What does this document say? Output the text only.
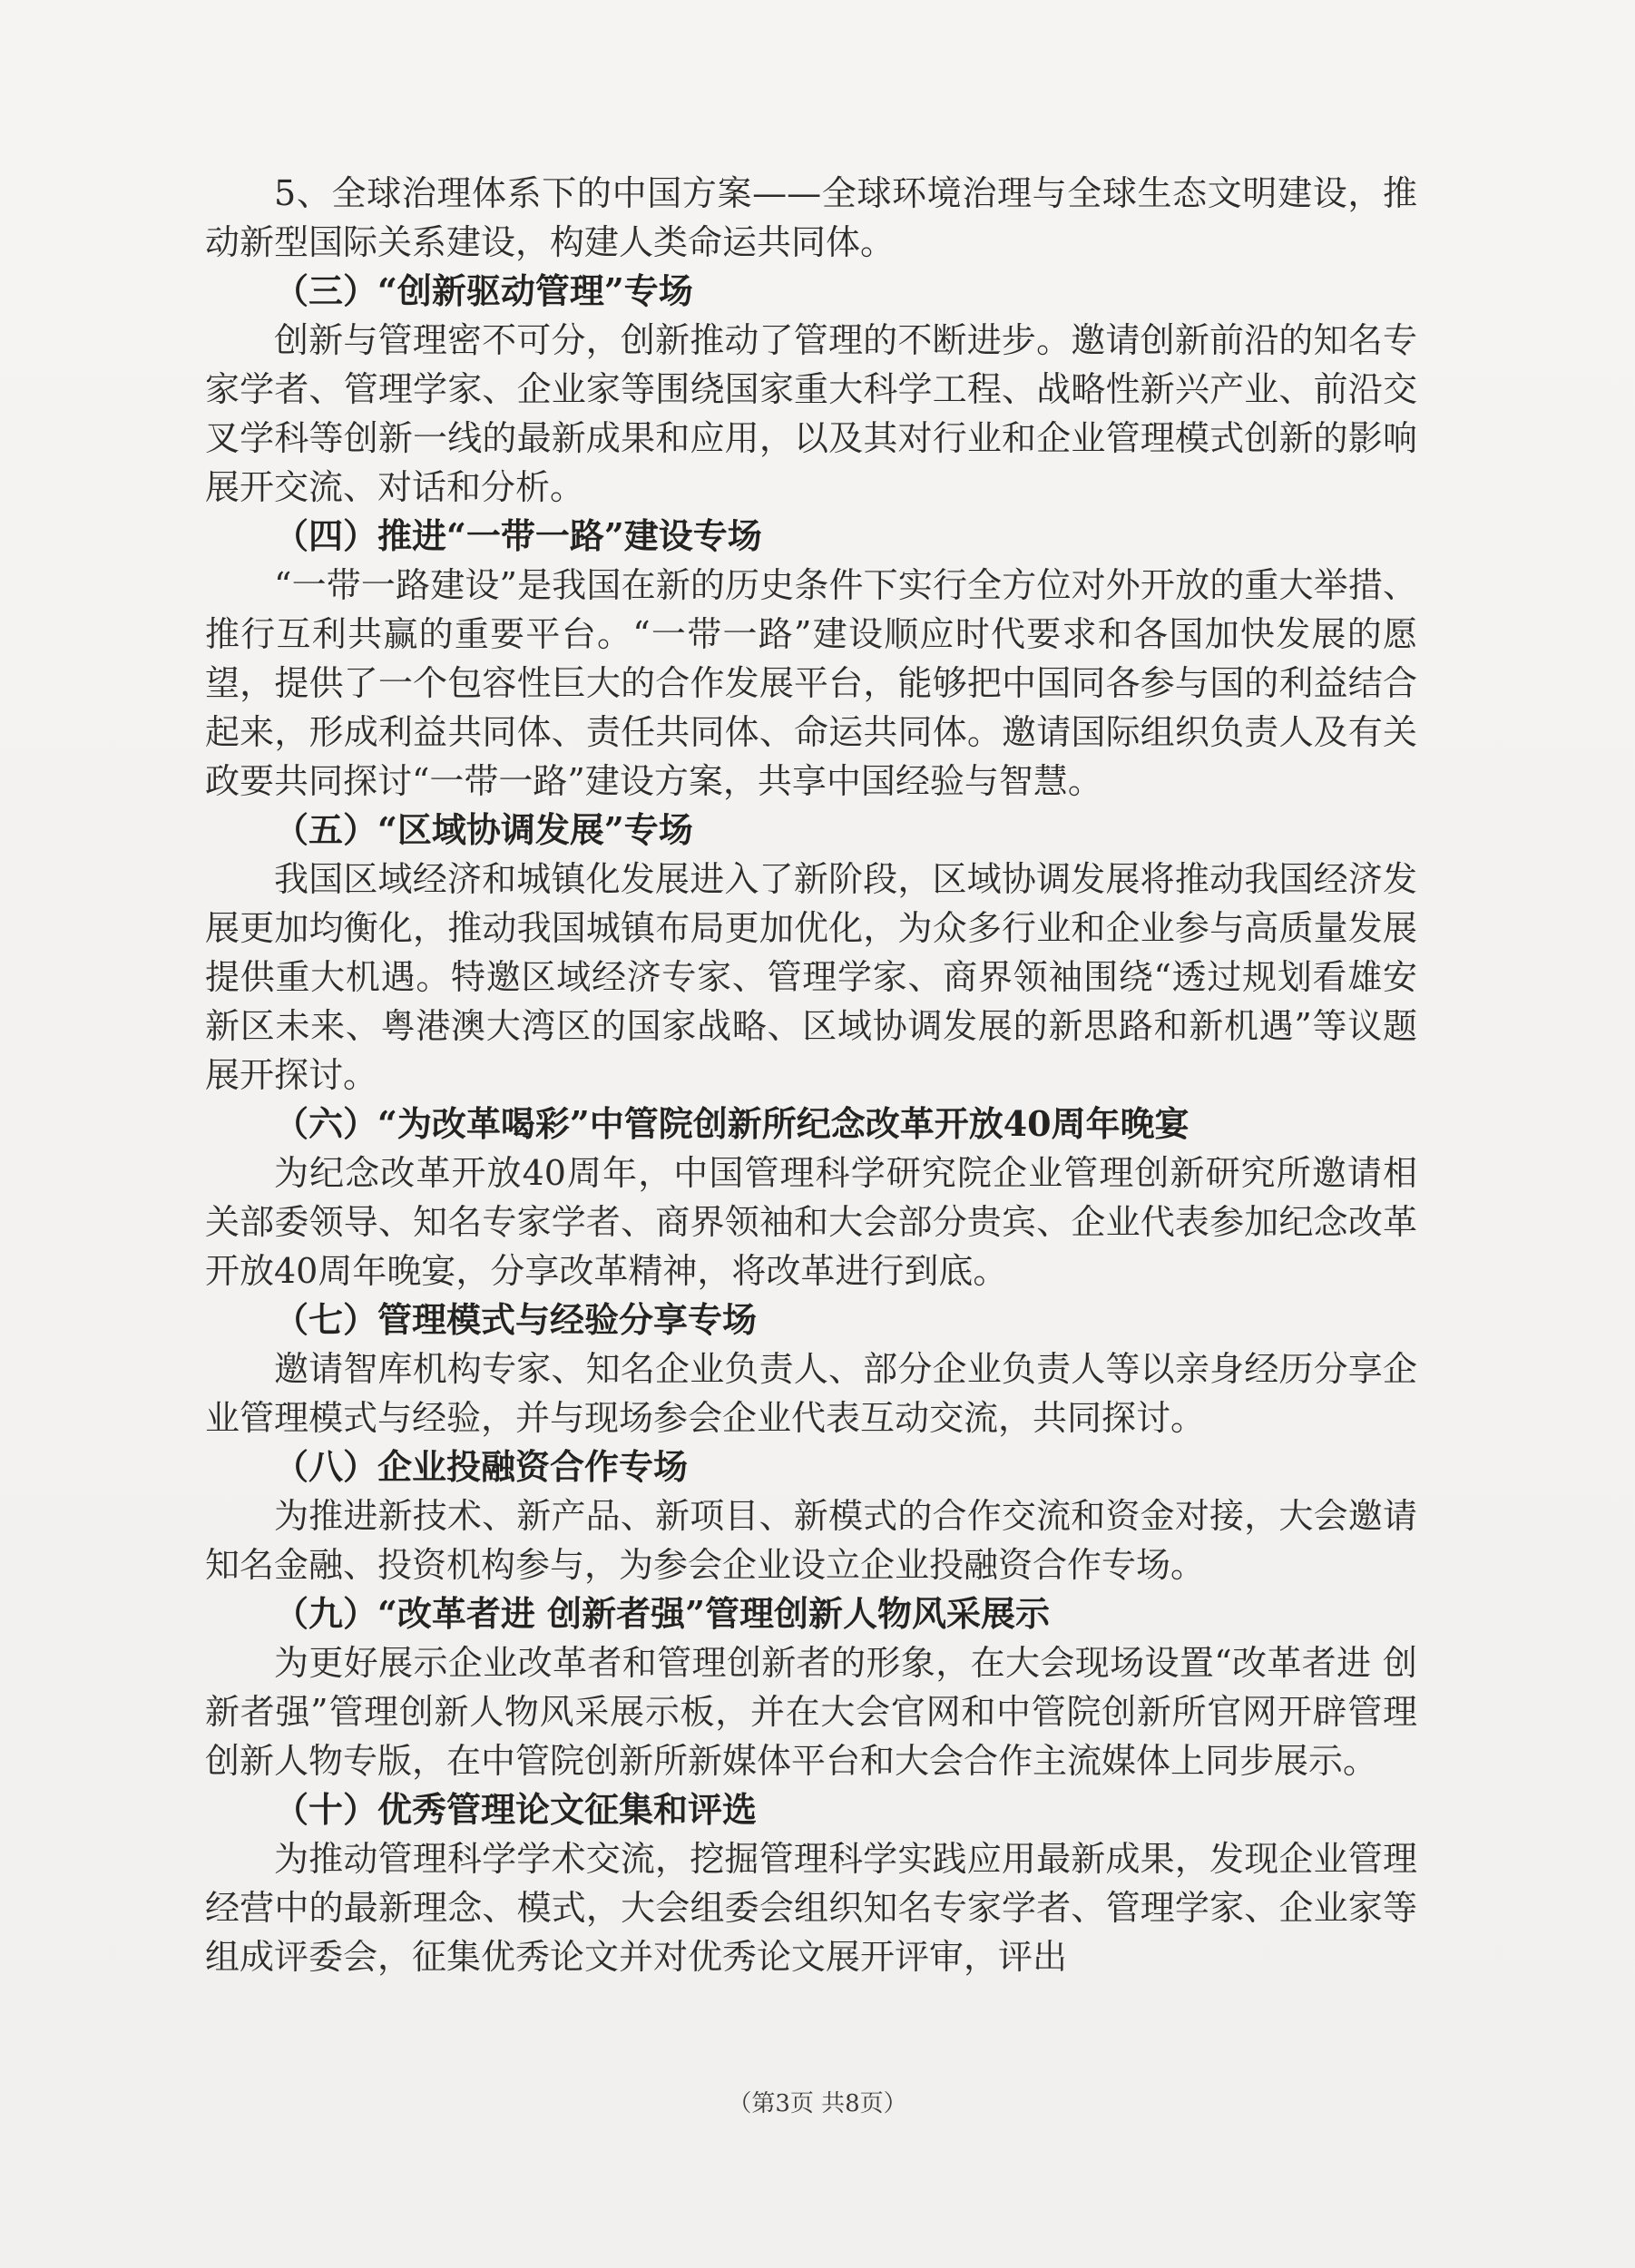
5、全球治理体系下的中国方案——全球环境治理与全球生态文明建设，推动新型国际关系建设，构建人类命运共同体。

（三）“创新驱动管理”专场

创新与管理密不可分，创新推动了管理的不断进步。邀请创新前沿的知名专家学者、管理学家、企业家等围绕国家重大科学工程、战略性新兴产业、前沿交叉学科等创新一线的最新成果和应用，以及其对行业和企业管理模式创新的影响展开交流、对话和分析。

（四）推进“一带一路”建设专场

“一带一路建设”是我国在新的历史条件下实行全方位对外开放的重大举措、推行互利共赢的重要平台。“一带一路”建设顺应时代要求和各国加快发展的愿望，提供了一个包容性巨大的合作发展平台，能够把中国同各参与国的利益结合起来，形成利益共同体、责任共同体、命运共同体。邀请国际组织负责人及有关政要共同探讨“一带一路”建设方案，共享中国经验与智慧。

（五）“区域协调发展”专场

我国区域经济和城镇化发展进入了新阶段，区域协调发展将推动我国经济发展更加均衡化，推动我国城镇布局更加优化，为众多行业和企业参与高质量发展提供重大机遇。特邀区域经济专家、管理学家、商界领袖围绕“透过规划看雄安新区未来、粤港澳大湾区的国家战略、区域协调发展的新思路和新机遇”等议题展开探讨。

（六）“为改革喝彩”中管院创新所纪念改革开放40周年晚宴

为纪念改革开放40周年，中国管理科学研究院企业管理创新研究所邀请相关部委领导、知名专家学者、商界领袖和大会部分贵宾、企业代表参加纪念改革开放40周年晚宴，分享改革精神，将改革进行到底。

（七）管理模式与经验分享专场

邀请智库机构专家、知名企业负责人、部分企业负责人等以亲身经历分享企业管理模式与经验，并与现场参会企业代表互动交流，共同探讨。

（八）企业投融资合作专场

为推进新技术、新产品、新项目、新模式的合作交流和资金对接，大会邀请知名金融、投资机构参与，为参会企业设立企业投融资合作专场。

（九）“改革者进 创新者强”管理创新人物风采展示

为更好展示企业改革者和管理创新者的形象，在大会现场设置“改革者进 创新者强”管理创新人物风采展示板，并在大会官网和中管院创新所官网开辟管理创新人物专版，在中管院创新所新媒体平台和大会合作主流媒体上同步展示。

（十）优秀管理论文征集和评选

为推动管理科学学术交流，挖掘管理科学实践应用最新成果，发现企业管理经营中的最新理念、模式，大会组委会组织知名专家学者、管理学家、企业家等组成评委会，征集优秀论文并对优秀论文展开评审，评出

（第3页 共8页）
